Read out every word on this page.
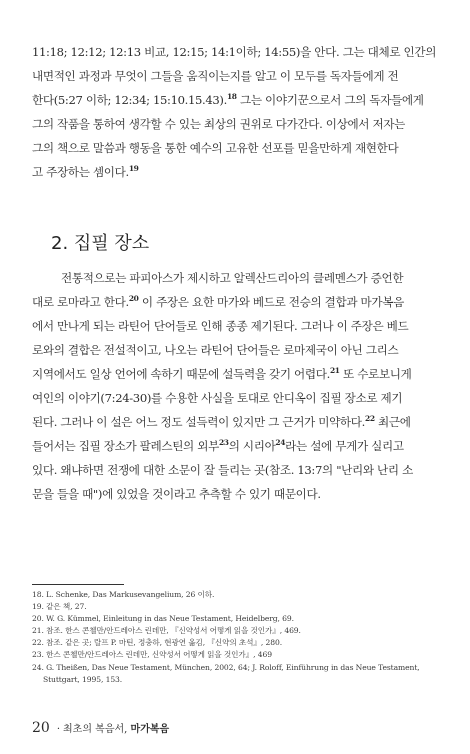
11:18; 12:12; 12:13 비교, 12:15; 14:1이하; 14:55)을 안다. 그는 대체로 인간의
내면적인 과정과 무엇이 그들을 움직이는지를 알고 이 모두를 독자들에게 전
한다(5:27 이하; 12:34; 15:10.15.43).$^{18}$ 그는 이야기꾼으로서 그의 독자들에게
그의 작품을 통하여 생각할 수 있는 최상의 권위로 다가간다. 이상에서 저자는
그의 책으로 말씀과 행동을 통한 예수의 고유한 선포를 믿을만하게 재현한다
고 주장하는 셈이다.$^{19}$
2. 집필 장소
전통적으로는 파피아스가 제시하고 알렉산드리아의 클레멘스가 증언한
대로 로마라고 한다.$^{20}$ 이 주장은 요한 마가와 베드로 전승의 결합과 마가복음
에서 만나게 되는 라틴어 단어들로 인해 종종 제기된다. 그러나 이 주장은 베드
로와의 결합은 전설적이고, 나오는 라틴어 단어들은 로마제국이 아닌 그리스
지역에서도 일상 언어에 속하기 때문에 설득력을 갖기 어렵다.$^{21}$ 또 수로보니게
여인의 이야기(7:24-30)를 수용한 사실을 토대로 안디옥이 집필 장소로 제기
된다. 그러나 이 설은 어느 정도 설득력이 있지만 그 근거가 미약하다.$^{22}$ 최근에
들어서는 집필 장소가 팔레스틴의 외부$^{23}$의 시리아$^{24}$라는 설에 무게가 실리고
있다. 왜냐하면 전쟁에 대한 소문이 잘 들리는 곳(참조. 13:7의 "난리와 난리 소
문을 들을 때")에 있었을 것이라고 추측할 수 있기 때문이다.
18. L. Schenke, Das Markusevangelium, 26 이하.
19. 같은 책, 27.
20. W. G. Kümmel, Einleitung in das Neue Testament, Heidelberg, 69.
21. 참조. 한스 콘첼만/안드레아스 린데만, 『신약성서 어떻게 읽을 것인가』, 469.
22. 참조. 같은 곳; 랄프 P. 마틴, 정충하, 현광연 옮김, 『신약의 초석』, 280.
23. 한스 콘첼만/안드레아스 린데만, 신약성서 어떻게 읽을 것인가』, 469
24. G. Theißen, Das Neue Testament, München, 2002, 64; J. Roloff, Einführung in das Neue Testament,
Stuttgart, 1995, 153.
20 · 최초의 복음서, 마가복음
